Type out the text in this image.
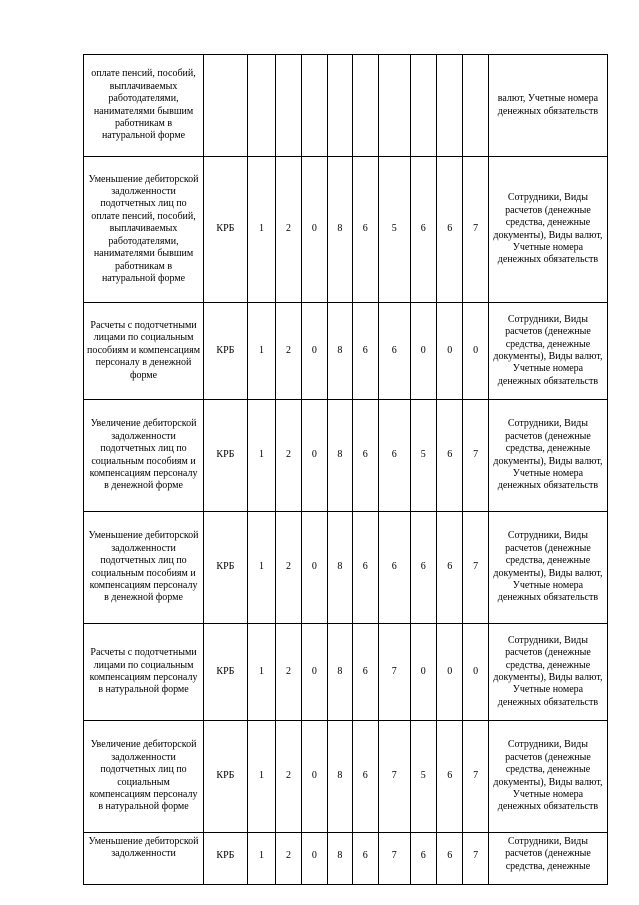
оплате пенсий, пособий, выплачиваемых работодателями, нанимателями бывшим работникам в натуральной форме											валют, Учетные номера денежных обязательств
Уменьшение дебиторской задолженности подотчетных лиц по оплате пенсий, пособий, выплачиваемых работодателями, нанимателями бывшим работникам в натуральной форме	КРБ	1	2	0	8	6	5	6	6	7	Сотрудники, Виды расчетов (денежные средства, денежные документы), Виды валют, Учетные номера денежных обязательств
Расчеты с подотчетными лицами по социальным пособиям и компенсациям персоналу в денежной форме	КРБ	1	2	0	8	6	6	0	0	0	Сотрудники, Виды расчетов (денежные средства, денежные документы), Виды валют, Учетные номера денежных обязательств
Увеличение дебиторской задолженности подотчетных лиц по социальным пособиям и компенсациям персоналу в денежной форме	КРБ	1	2	0	8	6	6	5	6	7	Сотрудники, Виды расчетов (денежные средства, денежные документы), Виды валют, Учетные номера денежных обязательств
Уменьшение дебиторской задолженности подотчетных лиц по социальным пособиям и компенсациям персоналу в денежной форме	КРБ	1	2	0	8	6	6	6	6	7	Сотрудники, Виды расчетов (денежные средства, денежные документы), Виды валют, Учетные номера денежных обязательств
Расчеты с подотчетными лицами по социальным компенсациям персоналу в натуральной форме	КРБ	1	2	0	8	6	7	0	0	0	Сотрудники, Виды расчетов (денежные средства, денежные документы), Виды валют, Учетные номера денежных обязательств
Увеличение дебиторской задолженности подотчетных лиц по социальным компенсациям персоналу в натуральной форме	КРБ	1	2	0	8	6	7	5	6	7	Сотрудники, Виды расчетов (денежные средства, денежные документы), Виды валют, Учетные номера денежных обязательств
Уменьшение дебиторской задолженности	КРБ	1	2	0	8	6	7	6	6	7	Сотрудники, Виды расчетов (денежные средства, денежные
